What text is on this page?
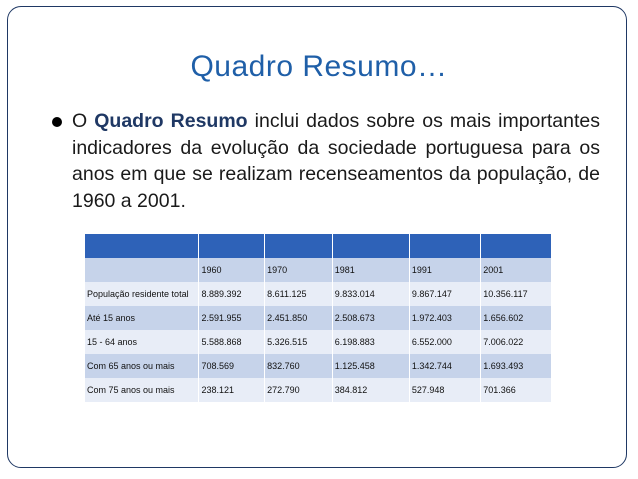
Quadro Resumo…
O Quadro Resumo inclui dados sobre os mais importantes indicadores da evolução da sociedade portuguesa para os anos em que se realizam recenseamentos da população, de 1960 a 2001.

	1960	1970	1981	1991	2001
População residente total	8.889.392	8.611.125	9.833.014	9.867.147	10.356.117
Até 15 anos	2.591.955	2.451.850	2.508.673	1.972.403	1.656.602
15 - 64 anos	5.588.868	5.326.515	6.198.883	6.552.000	7.006.022
Com 65 anos ou mais	708.569	832.760	1.125.458	1.342.744	1.693.493
Com 75 anos ou mais	238.121	272.790	384.812	527.948	701.366
